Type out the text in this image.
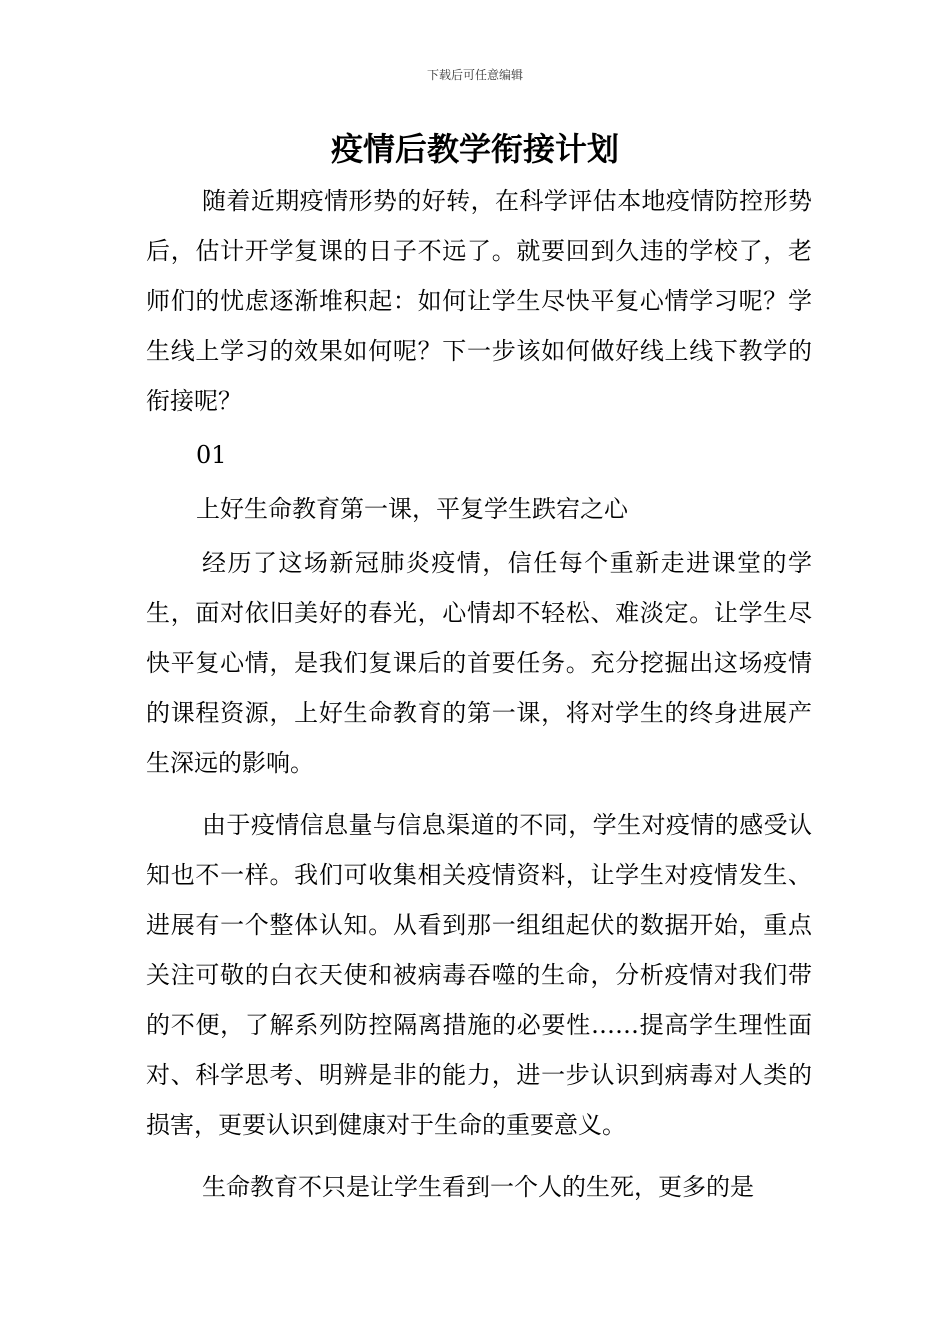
下载后可任意编辑
疫情后教学衔接计划

随着近期疫情形势的好转，在科学评估本地疫情防控形势后，估计开学复课的日子不远了。就要回到久违的学校了，老师们的忧虑逐渐堆积起：如何让学生尽快平复心情学习呢？学生线上学习的效果如何呢？下一步该如何做好线上线下教学的衔接呢？

01

上好生命教育第一课，平复学生跌宕之心

经历了这场新冠肺炎疫情，信任每个重新走进课堂的学生，面对依旧美好的春光，心情却不轻松、难淡定。让学生尽快平复心情，是我们复课后的首要任务。充分挖掘出这场疫情的课程资源，上好生命教育的第一课，将对学生的终身进展产生深远的影响。

由于疫情信息量与信息渠道的不同，学生对疫情的感受认知也不一样。我们可收集相关疫情资料，让学生对疫情发生、进展有一个整体认知。从看到那一组组起伏的数据开始，重点关注可敬的白衣天使和被病毒吞噬的生命，分析疫情对我们带的不便，了解系列防控隔离措施的必要性……提高学生理性面对、科学思考、明辨是非的能力，进一步认识到病毒对人类的损害，更要认识到健康对于生命的重要意义。

生命教育不只是让学生看到一个人的生死，更多的是
